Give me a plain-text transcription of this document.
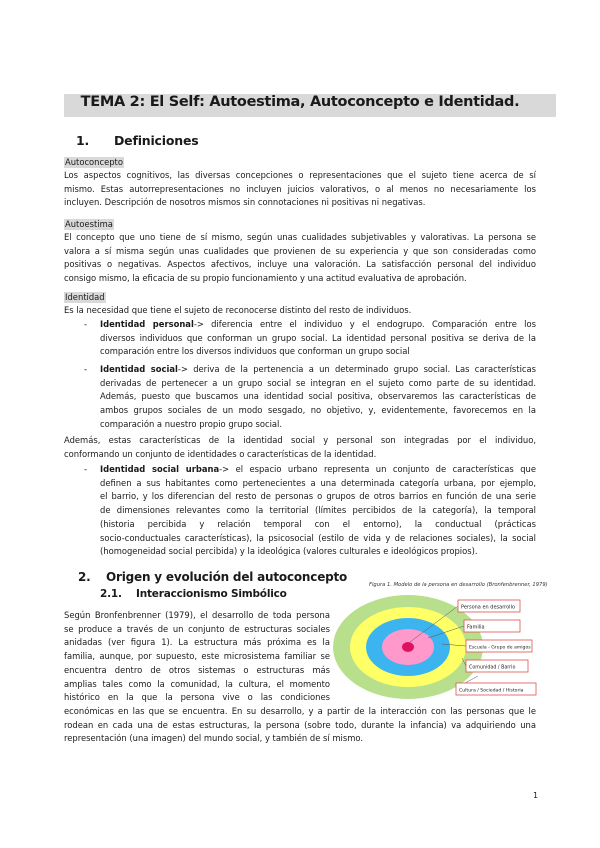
TEMA 2: El Self: Autoestima, Autoconcepto e Identidad.
1. Definiciones
Autoconcepto
Los aspectos cognitivos, las diversas concepciones o representaciones que el sujeto tiene acerca de sí
mismo. Estas autorrepresentaciones no incluyen juicios valorativos, o al menos no necesariamente los
incluyen. Descripción de nosotros mismos sin connotaciones ni positivas ni negativas.
Autoestima
El concepto que uno tiene de sí mismo, según unas cualidades subjetivables y valorativas. La persona se
valora a sí misma según unas cualidades que provienen de su experiencia y que son consideradas como
positivas o negativas. Aspectos afectivos, incluye una valoración. La satisfacción personal del individuo
consigo mismo, la eficacia de su propio funcionamiento y una actitud evaluativa de aprobación.
Identidad
Es la necesidad que tiene el sujeto de reconocerse distinto del resto de individuos.
- Identidad personal-> diferencia entre el individuo y el endogrupo. Comparación entre los
diversos individuos que conforman un grupo social. La identidad personal positiva se deriva de la
comparación entre los diversos individuos que conforman un grupo social
- Identidad social-> deriva de la pertenencia a un determinado grupo social. Las características
derivadas de pertenecer a un grupo social se integran en el sujeto como parte de su identidad.
Además, puesto que buscamos una identidad social positiva, observaremos las características de
ambos grupos sociales de un modo sesgado, no objetivo, y, evidentemente, favorecemos en la
comparación a nuestro propio grupo social.
Además, estas características de la identidad social y personal son integradas por el individuo,
conformando un conjunto de identidades o características de la identidad.
- Identidad social urbana-> el espacio urbano representa un conjunto de características que
definen a sus habitantes como pertenecientes a una determinada categoría urbana, por ejemplo,
el barrio, y los diferencian del resto de personas o grupos de otros barrios en función de una serie
de dimensiones relevantes como la territorial (límites percibidos de la categoría), la temporal
(historia percibida y relación temporal con el entorno), la conductual (prácticas
socio-conductuales características), la psicosocial (estilo de vida y de relaciones sociales), la social
(homogeneidad social percibida) y la ideológica (valores culturales e ideológicos propios).
2. Origen y evolución del autoconcepto
2.1. Interaccionismo Simbólico
Según Bronfenbrenner (1979), el desarrollo de toda persona
se produce a través de un conjunto de estructuras sociales
anidadas (ver figura 1). La estructura más próxima es la
familia, aunque, por supuesto, este microsistema familiar se
encuentra dentro de otros sistemas o estructuras más
amplias tales como la comunidad, la cultura, el momento
histórico en la que la persona vive o las condiciones
económicas en las que se encuentra. En su desarrollo, y a partir de la interacción con las personas que le
rodean en cada una de estas estructuras, la persona (sobre todo, durante la infancia) va adquiriendo una
representación (una imagen) del mundo social, y también de sí mismo.
Figura 1. Modelo de la persona en desarrollo (Bronfenbrenner, 1979)
Persona en desarrollo
Familia
Escuela - Grupo de amigos
Comunidad / Barrio
Cultura / Sociedad / Historia
1
